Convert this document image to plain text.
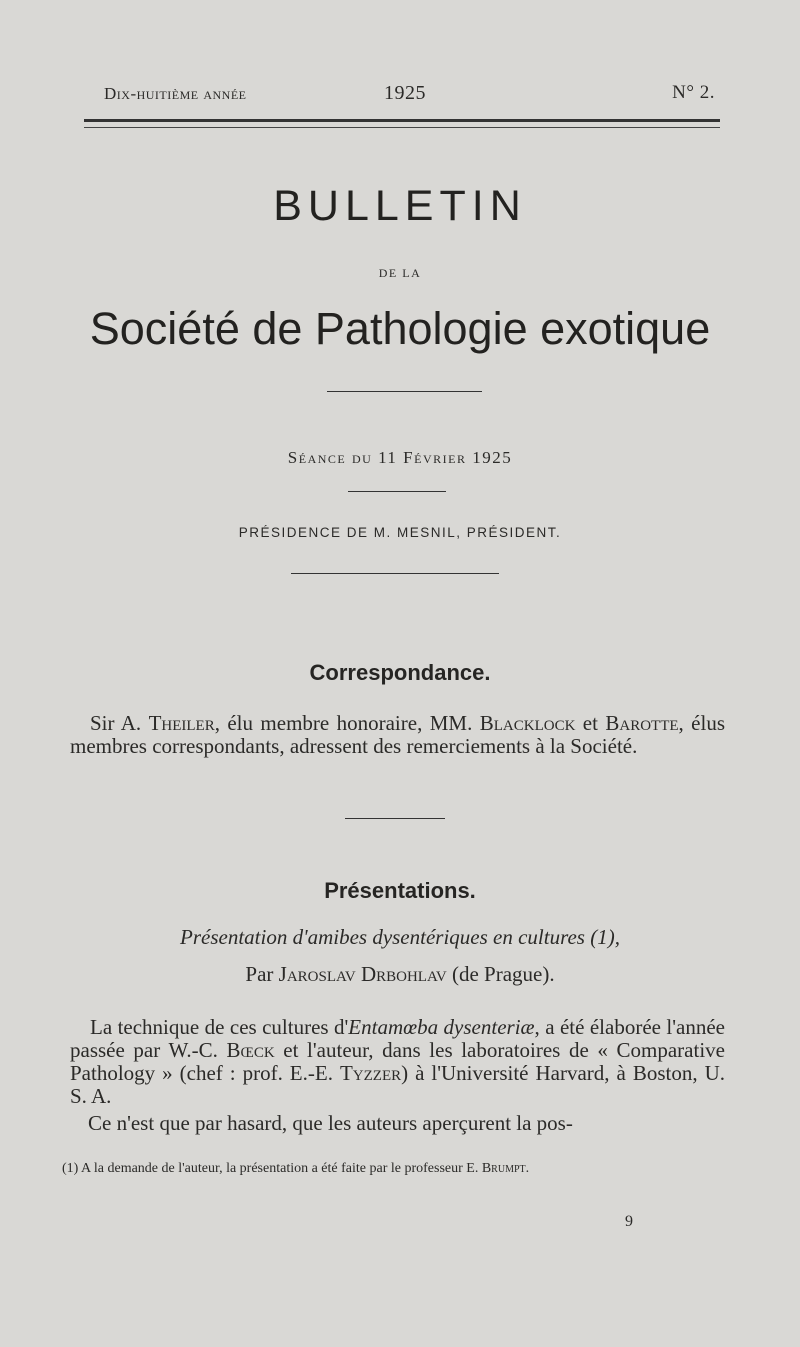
Dix-huitième année	1925	N° 2.
BULLETIN
DE LA
Société de Pathologie exotique
Séance du 11 Février 1925
PRÉSIDENCE DE M. MESNIL, PRÉSIDENT.
Correspondance.
Sir A. Theiler, élu membre honoraire, MM. Blacklock et Barotte, élus membres correspondants, adressent des remerciements à la Société.
Présentations.
Présentation d'amibes dysentériques en cultures (1),
Par Jaroslav Drbohlav (de Prague).
La technique de ces cultures d'Entamœba dysenteriæ, a été élaborée l'année passée par W.-C. Bœck et l'auteur, dans les laboratoires de « Comparative Pathology » (chef : prof. E.-E. Tyzzer) à l'Université Harvard, à Boston, U. S. A.
Ce n'est que par hasard, que les auteurs aperçurent la pos-
(1) A la demande de l'auteur, la présentation a été faite par le professeur E. Brumpt.
9
